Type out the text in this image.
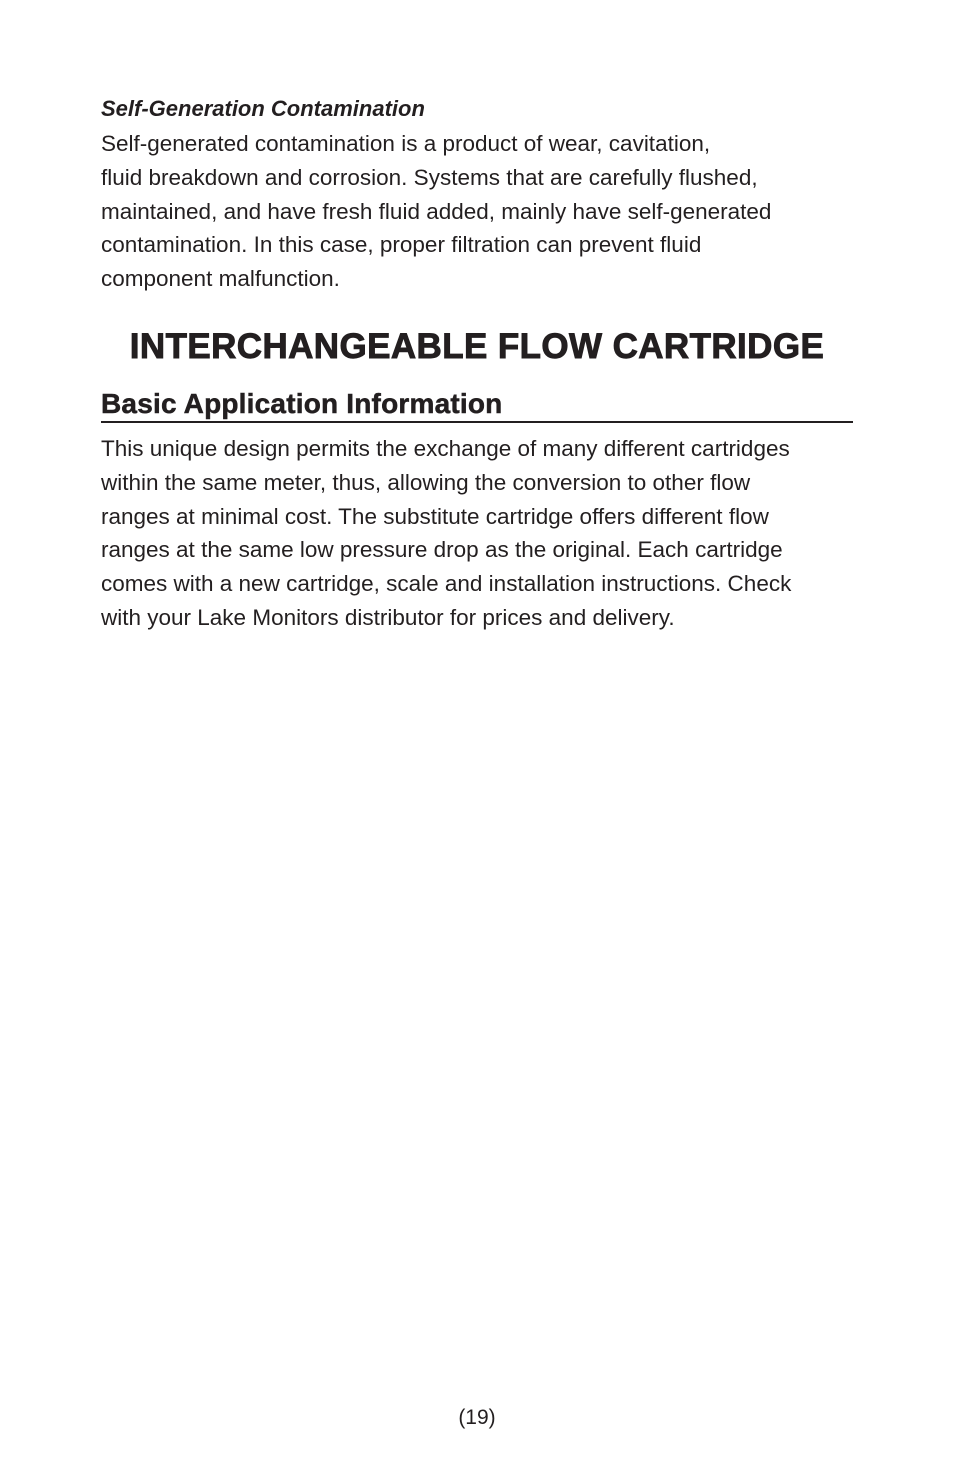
Self-Generation Contamination

Self-generated contamination is a product of wear, cavitation,
fluid breakdown and corrosion. Systems that are carefully flushed,
maintained, and have fresh fluid added, mainly have self-generated
contamination. In this case, proper filtration can prevent fluid
component malfunction.

INTERCHANGEABLE FLOW CARTRIDGE
Basic Application Information

This unique design permits the exchange of many different cartridges
within the same meter, thus, allowing the conversion to other flow
ranges at minimal cost. The substitute cartridge offers different flow
ranges at the same low pressure drop as the original. Each cartridge
comes with a new cartridge, scale and installation instructions. Check
with your Lake Monitors distributor for prices and delivery.

(19)
